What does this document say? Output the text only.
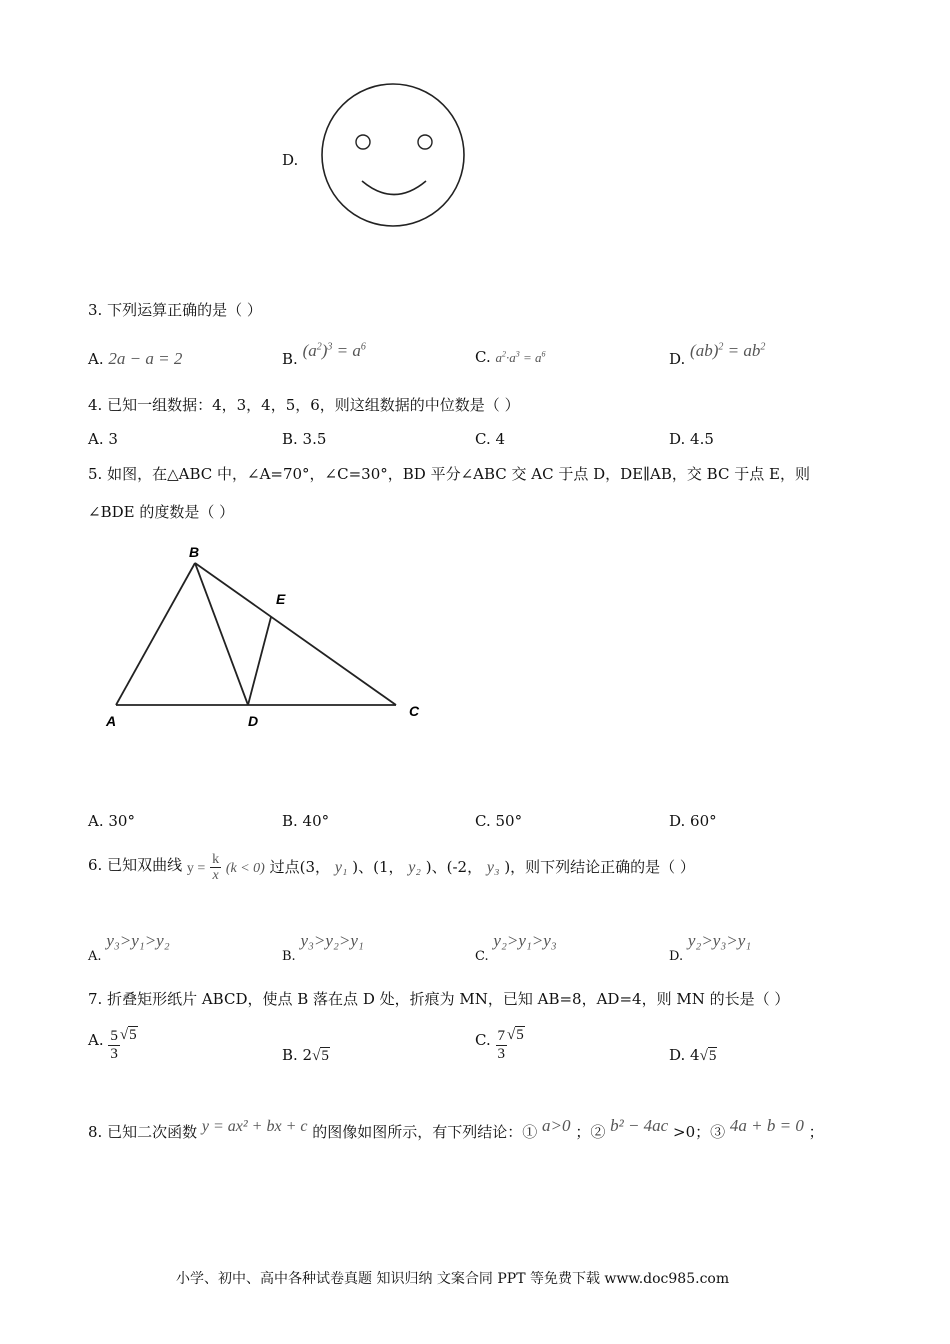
D.
3. 下列运算正确的是（ ）
A. 2a − a = 2	B. $(a^2)^3 = a^6$
C. $a^2\cdot a^3 = a^6$	D. $(ab)^2 = ab^2$
4. 已知一组数据：4，3，4，5，6，则这组数据的中位数是（ ）
A. 3	B. 3.5	C. 4	D. 4.5
5. 如图，在△ABC 中，∠A=70°，∠C=30°，BD 平分∠ABC 交 AC 于点 D，DE∥AB，交 BC 于点 E，则
∠BDE 的度数是（ ）
B
E
A	D
C
A. 30°	B. 40°	C. 50°	D. 60°
6. 已知双曲线 $y = \frac{k}{x} (k < 0)$ 过点(3， y₁ )、(1， y₂ )、(-2， y₃ )，则下列结论正确的是（ ）
A. y₃>y₁>y₂
B. y₃>y₂>y₁
C. y₂>y₁>y₃
D. y₂>y₃>y₁
7. 折叠矩形纸片 ABCD，使点 B 落在点 D 处，折痕为 MN，已知 AB=8，AD=4，则 MN 的长是（ ）
A. $\frac{5}{3} √5$
B. 2√5
C. $\frac{7}{3} √5$
D. 4√5
8. 已知二次函数 y = ax² + bx + c 的图像如图所示，有下列结论：① a>0 ；② b² − 4ac >0；③ 4a + b = 0 ；
小学、初中、高中各种试卷真题 知识归纳 文案合同 PPT 等免费下载 www.doc985.com
